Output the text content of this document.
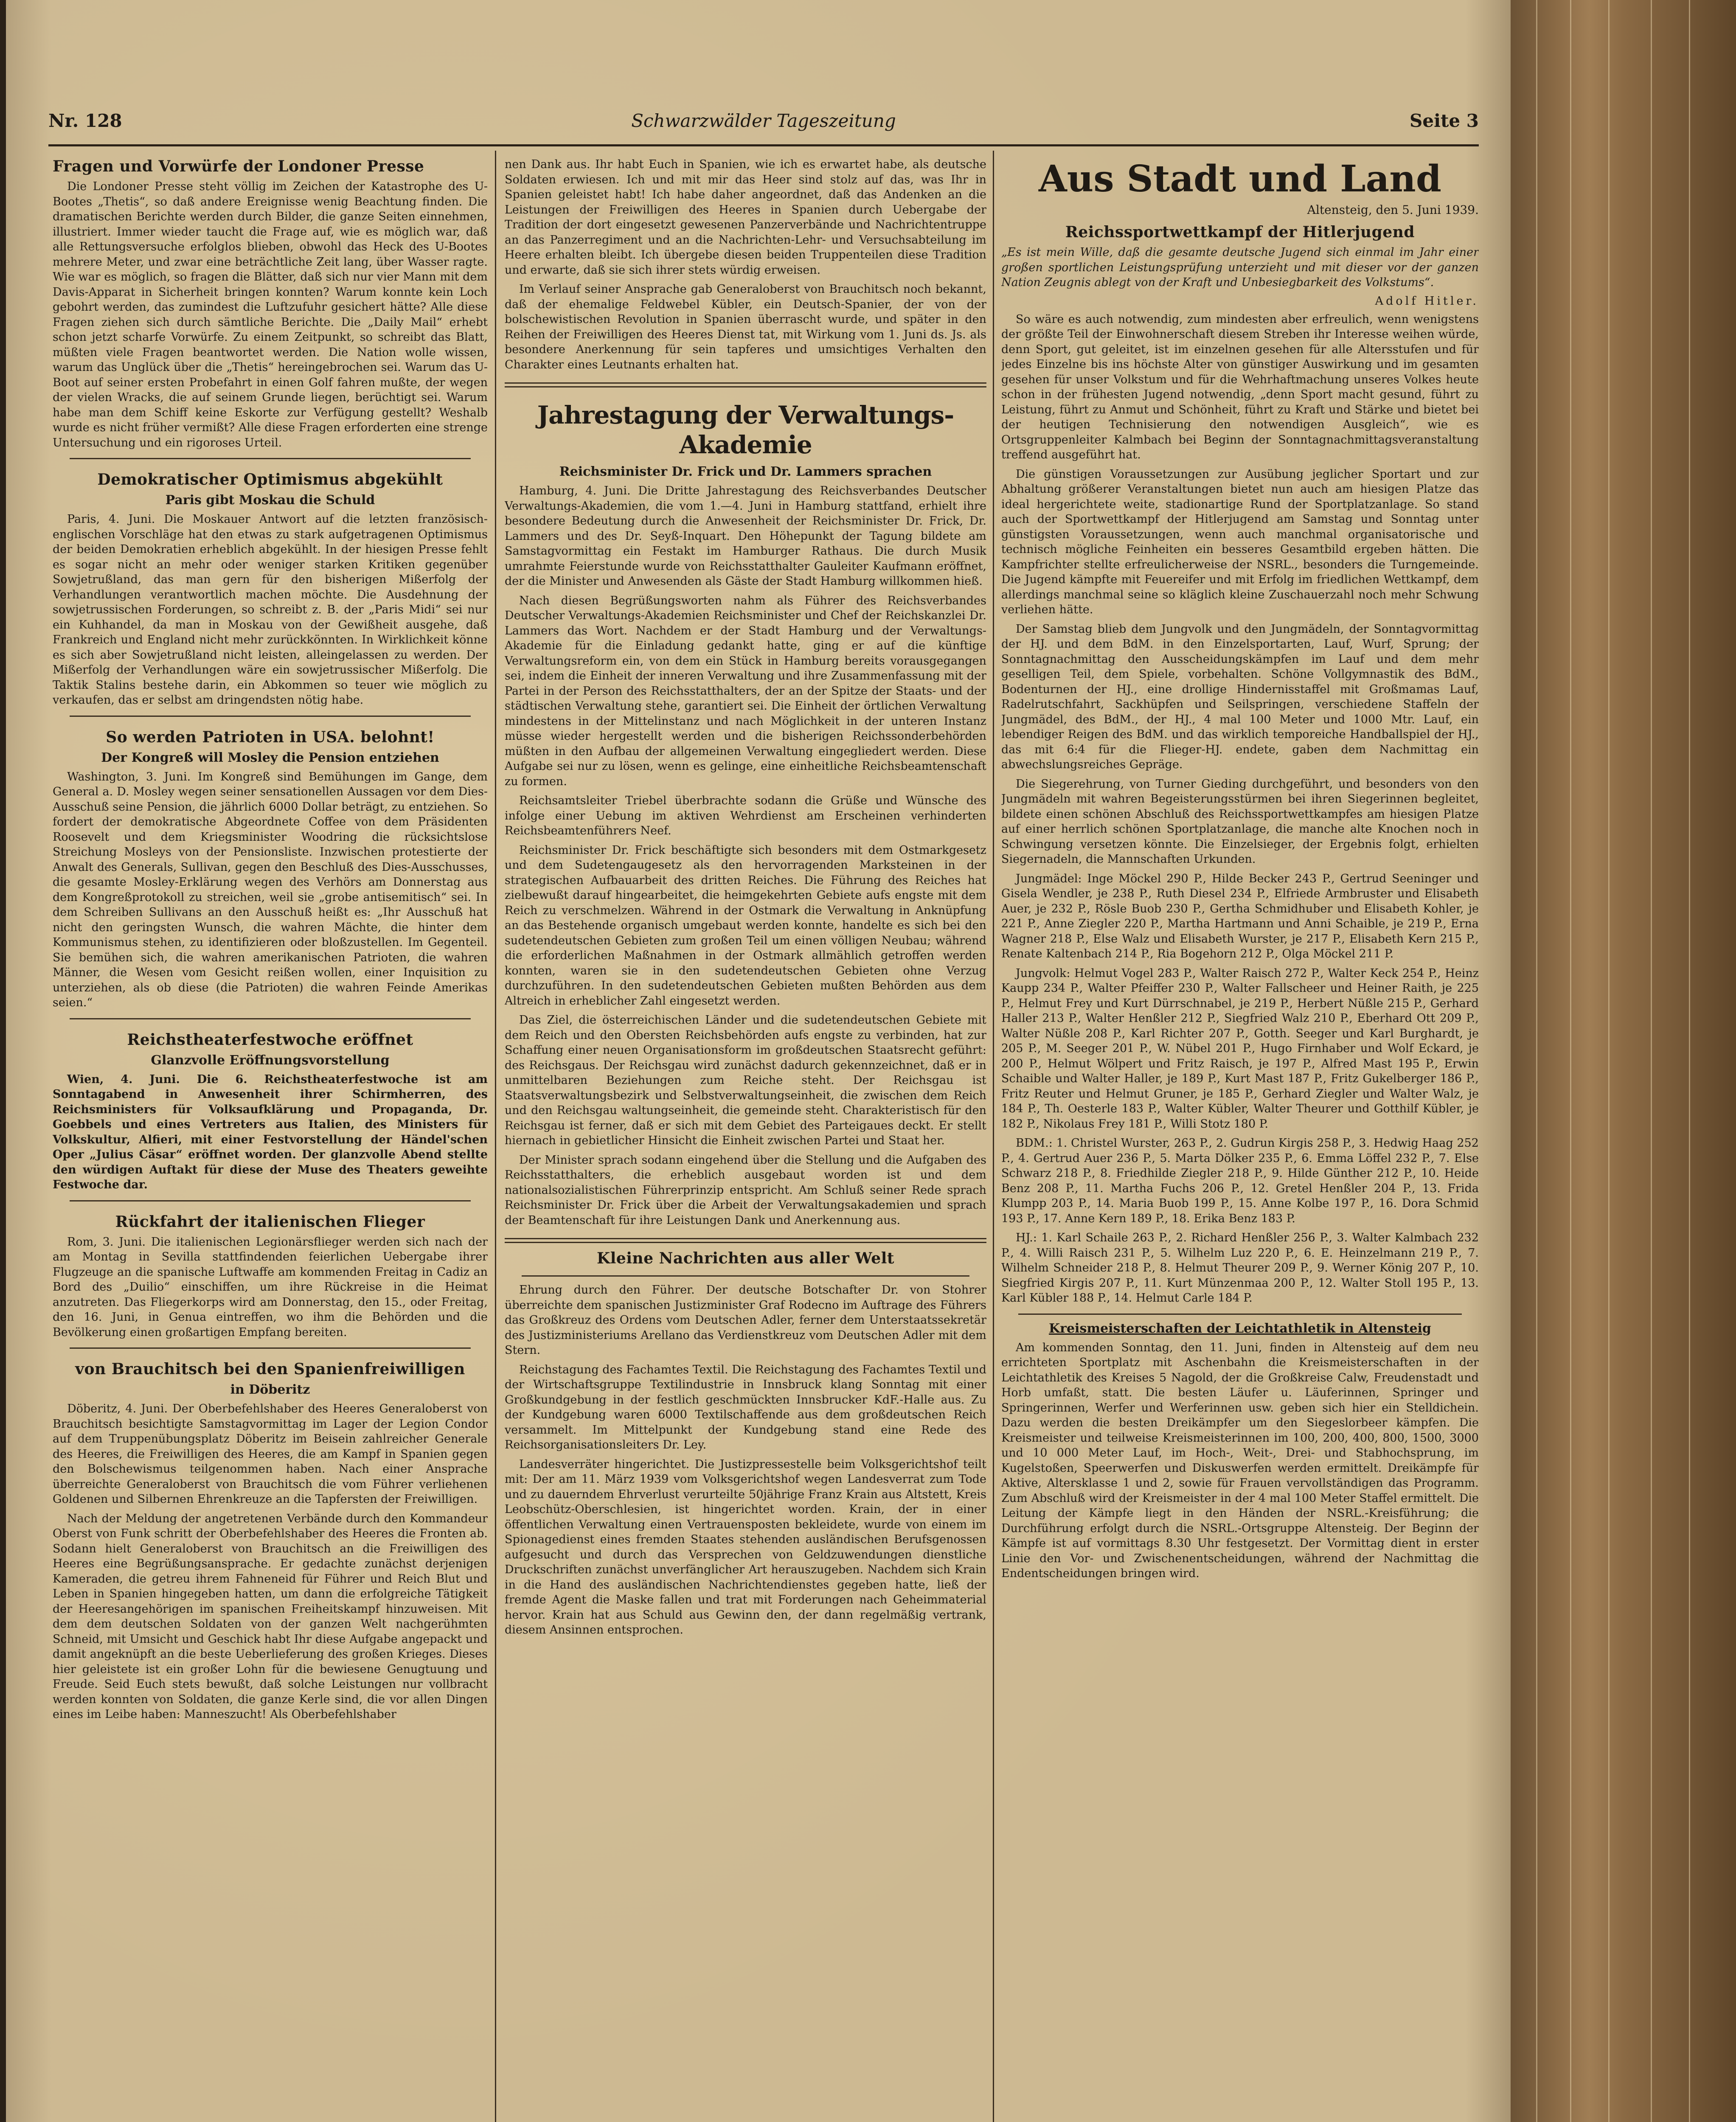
Nr. 128	Schwarzwälder Tageszeitung	Seite 3
Fragen und Vorwürfe der Londoner Presse

Die Londoner Presse steht völlig im Zeichen der Katastrophe des U-Bootes „Thetis“, so daß andere Ereignisse wenig Beachtung finden. Die dramatischen Berichte werden durch Bilder, die ganze Seiten einnehmen, illustriert. Immer wieder taucht die Frage auf, wie es möglich war, daß alle Rettungsversuche erfolglos blieben, obwohl das Heck des U-Bootes mehrere Meter, und zwar eine beträchtliche Zeit lang, über Wasser ragte. Wie war es möglich, so fragen die Blätter, daß sich nur vier Mann mit dem Davis-Apparat in Sicherheit bringen konnten? Warum konnte kein Loch gebohrt werden, das zumindest die Luftzufuhr gesichert hätte? Alle diese Fragen ziehen sich durch sämtliche Berichte. Die „Daily Mail“ erhebt schon jetzt scharfe Vorwürfe. Zu einem Zeitpunkt, so schreibt das Blatt, müßten viele Fragen beantwortet werden. Die Nation wolle wissen, warum das Unglück über die „Thetis“ hereingebrochen sei. Warum das U-Boot auf seiner ersten Probefahrt in einen Golf fahren mußte, der wegen der vielen Wracks, die auf seinem Grunde liegen, berüchtigt sei. Warum habe man dem Schiff keine Eskorte zur Verfügung gestellt? Weshalb wurde es nicht früher vermißt? Alle diese Fragen erforderten eine strenge Untersuchung und ein rigoroses Urteil.

Demokratischer Optimismus abgekühlt
Paris gibt Moskau die Schuld

Paris, 4. Juni. Die Moskauer Antwort auf die letzten französisch-englischen Vorschläge hat den etwas zu stark aufgetragenen Optimismus der beiden Demokratien erheblich abgekühlt. In der hiesigen Presse fehlt es sogar nicht an mehr oder weniger starken Kritiken gegenüber Sowjetrußland, das man gern für den bisherigen Mißerfolg der Verhandlungen verantwortlich machen möchte. Die Ausdehnung der sowjetrussischen Forderungen, so schreibt z. B. der „Paris Midi“ sei nur ein Kuhhandel, da man in Moskau von der Gewißheit ausgehe, daß Frankreich und England nicht mehr zurückkönnten. In Wirklichkeit könne es sich aber Sowjetrußland nicht leisten, alleingelassen zu werden. Der Mißerfolg der Verhandlungen wäre ein sowjetrussischer Mißerfolg. Die Taktik Stalins bestehe darin, ein Abkommen so teuer wie möglich zu verkaufen, das er selbst am dringendsten nötig habe.

So werden Patrioten in USA. belohnt!
Der Kongreß will Mosley die Pension entziehen

Washington, 3. Juni. Im Kongreß sind Bemühungen im Gange, dem General a. D. Mosley wegen seiner sensationellen Aussagen vor dem Dies-Ausschuß seine Pension, die jährlich 6000 Dollar beträgt, zu entziehen. So fordert der demokratische Abgeordnete Coffee von dem Präsidenten Roosevelt und dem Kriegsminister Woodring die rücksichtslose Streichung Mosleys von der Pensionsliste. Inzwischen protestierte der Anwalt des Generals, Sullivan, gegen den Beschluß des Dies-Ausschusses, die gesamte Mosley-Erklärung wegen des Verhörs am Donnerstag aus dem Kongreßprotokoll zu streichen, weil sie „grobe antisemitisch“ sei. In dem Schreiben Sullivans an den Ausschuß heißt es: „Ihr Ausschuß hat nicht den geringsten Wunsch, die wahren Mächte, die hinter dem Kommunismus stehen, zu identifizieren oder bloßzustellen. Im Gegenteil. Sie bemühen sich, die wahren amerikanischen Patrioten, die wahren Männer, die Wesen vom Gesicht reißen wollen, einer Inquisition zu unterziehen, als ob diese (die Patrioten) die wahren Feinde Amerikas seien.“

Reichstheaterfestwoche eröffnet
Glanzvolle Eröffnungsvorstellung

Wien, 4. Juni. Die 6. Reichstheaterfestwoche ist am Sonntagabend in Anwesenheit ihrer Schirmherren, des Reichsministers für Volksaufklärung und Propaganda, Dr. Goebbels und eines Vertreters aus Italien, des Ministers für Volkskultur, Alfieri, mit einer Festvorstellung der Händel'schen Oper „Julius Cäsar“ eröffnet worden. Der glanzvolle Abend stellte den würdigen Auftakt für diese der Muse des Theaters geweihte Festwoche dar.

Rückfahrt der italienischen Flieger

Rom, 3. Juni. Die italienischen Legionärsflieger werden sich nach der am Montag in Sevilla stattfindenden feierlichen Uebergabe ihrer Flugzeuge an die spanische Luftwaffe am kommenden Freitag in Cadiz an Bord des „Duilio“ einschiffen, um ihre Rückreise in die Heimat anzutreten. Das Fliegerkorps wird am Donnerstag, den 15., oder Freitag, den 16. Juni, in Genua eintreffen, wo ihm die Behörden und die Bevölkerung einen großartigen Empfang bereiten.

von Brauchitsch bei den Spanienfreiwilligen
in Döberitz

Döberitz, 4. Juni. Der Oberbefehlshaber des Heeres Generaloberst von Brauchitsch besichtigte Samstagvormittag im Lager der Legion Condor auf dem Truppenübungsplatz Döberitz im Beisein zahlreicher Generale des Heeres, die Freiwilligen des Heeres, die am Kampf in Spanien gegen den Bolschewismus teilgenommen haben. Nach einer Ansprache überreichte Generaloberst von Brauchitsch die vom Führer verliehenen Goldenen und Silbernen Ehrenkreuze an die Tapfersten der Freiwilligen.

Nach der Meldung der angetretenen Verbände durch den Kommandeur Oberst von Funk schritt der Oberbefehlshaber des Heeres die Fronten ab. Sodann hielt Generaloberst von Brauchitsch an die Freiwilligen des Heeres eine Begrüßungsansprache. Er gedachte zunächst derjenigen Kameraden, die getreu ihrem Fahneneid für Führer und Reich Blut und Leben in Spanien hingegeben hatten, um dann die erfolgreiche Tätigkeit der Heeresangehörigen im spanischen Freiheitskampf hinzuweisen. Mit dem dem deutschen Soldaten von der ganzen Welt nachgerühmten Schneid, mit Umsicht und Geschick habt Ihr diese Aufgabe angepackt und damit angeknüpft an die beste Ueberlieferung des großen Krieges. Dieses hier geleistete ist ein großer Lohn für die bewiesene Genugtuung und Freude. Seid Euch stets bewußt, daß solche Leistungen nur vollbracht werden konnten von Soldaten, die ganze Kerle sind, die vor allen Dingen eines im Leibe haben: Manneszucht! Als Oberbefehlshaber

nen Dank aus. Ihr habt Euch in Spanien, wie ich es erwartet habe, als deutsche Soldaten erwiesen. Ich und mit mir das Heer sind stolz auf das, was Ihr in Spanien geleistet habt! Ich habe daher angeordnet, daß das Andenken an die Leistungen der Freiwilligen des Heeres in Spanien durch Uebergabe der Tradition der dort eingesetzt gewesenen Panzerverbände und Nachrichtentruppe an das Panzerregiment und an die Nachrichten-Lehr- und Versuchsabteilung im Heere erhalten bleibt. Ich übergebe diesen beiden Truppenteilen diese Tradition und erwarte, daß sie sich ihrer stets würdig erweisen.

Im Verlauf seiner Ansprache gab Generaloberst von Brauchitsch noch bekannt, daß der ehemalige Feldwebel Kübler, ein Deutsch-Spanier, der von der bolschewistischen Revolution in Spanien überrascht wurde, und später in den Reihen der Freiwilligen des Heeres Dienst tat, mit Wirkung vom 1. Juni ds. Js. als besondere Anerkennung für sein tapferes und umsichtiges Verhalten den Charakter eines Leutnants erhalten hat.

Jahrestagung der Verwaltungs-Akademie
Reichsminister Dr. Frick und Dr. Lammers sprachen

Hamburg, 4. Juni. Die Dritte Jahrestagung des Reichsverbandes Deutscher Verwaltungs-Akademien, die vom 1.—4. Juni in Hamburg stattfand, erhielt ihre besondere Bedeutung durch die Anwesenheit der Reichsminister Dr. Frick, Dr. Lammers und des Dr. Seyß-Inquart. Den Höhepunkt der Tagung bildete am Samstagvormittag ein Festakt im Hamburger Rathaus. Die durch Musik umrahmte Feierstunde wurde von Reichsstatthalter Gauleiter Kaufmann eröffnet, der die Minister und Anwesenden als Gäste der Stadt Hamburg willkommen hieß.

Nach diesen Begrüßungsworten nahm als Führer des Reichsverbandes Deutscher Verwaltungs-Akademien Reichsminister und Chef der Reichskanzlei Dr. Lammers das Wort. Nachdem er der Stadt Hamburg und der Verwaltungs-Akademie für die Einladung gedankt hatte, ging er auf die künftige Verwaltungsreform ein, von dem ein Stück in Hamburg bereits vorausgegangen sei, indem die Einheit der inneren Verwaltung und ihre Zusammenfassung mit der Partei in der Person des Reichsstatthalters, der an der Spitze der Staats- und der städtischen Verwaltung stehe, garantiert sei. Die Einheit der örtlichen Verwaltung mindestens in der Mittelinstanz und nach Möglichkeit in der unteren Instanz müsse wieder hergestellt werden und die bisherigen Reichssonderbehörden müßten in den Aufbau der allgemeinen Verwaltung eingegliedert werden. Diese Aufgabe sei nur zu lösen, wenn es gelinge, eine einheitliche Reichsbeamtenschaft zu formen.

Reichsamtsleiter Triebel überbrachte sodann die Grüße und Wünsche des infolge einer Uebung im aktiven Wehrdienst am Erscheinen verhinderten Reichsbeamtenführers Neef.

Reichsminister Dr. Frick beschäftigte sich besonders mit dem Ostmarkgesetz und dem Sudetengaugesetz als den hervorragenden Marksteinen in der strategischen Aufbauarbeit des dritten Reiches. Die Führung des Reiches hat zielbewußt darauf hingearbeitet, die heimgekehrten Gebiete aufs engste mit dem Reich zu verschmelzen. Während in der Ostmark die Verwaltung in Anknüpfung an das Bestehende organisch umgebaut werden konnte, handelte es sich bei den sudetendeutschen Gebieten zum großen Teil um einen völligen Neubau; während die erforderlichen Maßnahmen in der Ostmark allmählich getroffen werden konnten, waren sie in den sudetendeutschen Gebieten ohne Verzug durchzuführen. In den sudetendeutschen Gebieten mußten Behörden aus dem Altreich in erheblicher Zahl eingesetzt werden.

Das Ziel, die österreichischen Länder und die sudetendeutschen Gebiete mit dem Reich und den Obersten Reichsbehörden aufs engste zu verbinden, hat zur Schaffung einer neuen Organisationsform im großdeutschen Staatsrecht geführt: des Reichsgaus. Der Reichsgau wird zunächst dadurch gekennzeichnet, daß er in unmittelbaren Beziehungen zum Reiche steht. Der Reichsgau ist Staatsverwaltungsbezirk und Selbstverwaltungseinheit, die zwischen dem Reich und den Reichsgau waltungseinheit, die gemeinde steht. Charakteristisch für den Reichsgau ist ferner, daß er sich mit dem Gebiet des Parteigaues deckt. Er stellt hiernach in gebietlicher Hinsicht die Einheit zwischen Partei und Staat her.

Der Minister sprach sodann eingehend über die Stellung und die Aufgaben des Reichsstatthalters, die erheblich ausgebaut worden ist und dem nationalsozialistischen Führerprinzip entspricht. Am Schluß seiner Rede sprach Reichsminister Dr. Frick über die Arbeit der Verwaltungsakademien und sprach der Beamtenschaft für ihre Leistungen Dank und Anerkennung aus.

Kleine Nachrichten aus aller Welt

Ehrung durch den Führer. Der deutsche Botschafter Dr. von Stohrer überreichte dem spanischen Justizminister Graf Rodecno im Auftrage des Führers das Großkreuz des Ordens vom Deutschen Adler, ferner dem Unterstaatssekretär des Justizministeriums Arellano das Verdienstkreuz vom Deutschen Adler mit dem Stern.

Reichstagung des Fachamtes Textil. Die Reichstagung des Fachamtes Textil und der Wirtschaftsgruppe Textilindustrie in Innsbruck klang Sonntag mit einer Großkundgebung in der festlich geschmückten Innsbrucker KdF.-Halle aus. Zu der Kundgebung waren 6000 Textilschaffende aus dem großdeutschen Reich versammelt. Im Mittelpunkt der Kundgebung stand eine Rede des Reichsorganisationsleiters Dr. Ley.

Landesverräter hingerichtet. Die Justizpressestelle beim Volksgerichtshof teilt mit: Der am 11. März 1939 vom Volksgerichtshof wegen Landesverrat zum Tode und zu dauerndem Ehrverlust verurteilte 50jährige Franz Krain aus Altstett, Kreis Leobschütz-Oberschlesien, ist hingerichtet worden. Krain, der in einer öffentlichen Verwaltung einen Vertrauensposten bekleidete, wurde von einem im Spionagedienst eines fremden Staates stehenden ausländischen Berufsgenossen aufgesucht und durch das Versprechen von Geldzuwendungen dienstliche Druckschriften zunächst unverfänglicher Art herauszugeben. Nachdem sich Krain in die Hand des ausländischen Nachrichtendienstes gegeben hatte, ließ der fremde Agent die Maske fallen und trat mit Forderungen nach Geheimmaterial hervor. Krain hat aus Schuld aus Gewinn den, der dann regelmäßig vertrank, diesem Ansinnen entsprochen.

Aus Stadt und Land
Altensteig, den 5. Juni 1939.
Reichssportwettkampf der Hitlerjugend
„Es ist mein Wille, daß die gesamte deutsche Jugend sich einmal im Jahr einer großen sportlichen Leistungsprüfung unterzieht und mit dieser vor der ganzen Nation Zeugnis ablegt von der Kraft und Unbesiegbarkeit des Volkstums“.
Adolf Hitler.

So wäre es auch notwendig, zum mindesten aber erfreulich, wenn wenigstens der größte Teil der Einwohnerschaft diesem Streben ihr Interesse weihen würde, denn Sport, gut geleitet, ist im einzelnen gesehen für alle Altersstufen und für jedes Einzelne bis ins höchste Alter von günstiger Auswirkung und im gesamten gesehen für unser Volkstum und für die Wehrhaftmachung unseres Volkes heute schon in der frühesten Jugend notwendig, „denn Sport macht gesund, führt zu Leistung, führt zu Anmut und Schönheit, führt zu Kraft und Stärke und bietet bei der heutigen Technisierung den notwendigen Ausgleich“, wie es Ortsgruppenleiter Kalmbach bei Beginn der Sonntagnachmittagsveranstaltung treffend ausgeführt hat.

Die günstigen Voraussetzungen zur Ausübung jeglicher Sportart und zur Abhaltung größerer Veranstaltungen bietet nun auch am hiesigen Platze das ideal hergerichtete weite, stadionartige Rund der Sportplatzanlage. So stand auch der Sportwettkampf der Hitlerjugend am Samstag und Sonntag unter günstigsten Voraussetzungen, wenn auch manchmal organisatorische und technisch mögliche Feinheiten ein besseres Gesamtbild ergeben hätten. Die Kampfrichter stellte erfreulicherweise der NSRL., besonders die Turngemeinde. Die Jugend kämpfte mit Feuereifer und mit Erfolg im friedlichen Wettkampf, dem allerdings manchmal seine so kläglich kleine Zuschauerzahl noch mehr Schwung verliehen hätte.

Der Samstag blieb dem Jungvolk und den Jungmädeln, der Sonntagvormittag der HJ. und dem BdM. in den Einzelsportarten, Lauf, Wurf, Sprung; der Sonntagnachmittag den Ausscheidungskämpfen im Lauf und dem mehr geselligen Teil, dem Spiele, vorbehalten. Schöne Vollgymnastik des BdM., Bodenturnen der HJ., eine drollige Hindernisstaffel mit Großmamas Lauf, Radelrutschfahrt, Sackhüpfen und Seilspringen, verschiedene Staffeln der Jungmädel, des BdM., der HJ., 4 mal 100 Meter und 1000 Mtr. Lauf, ein lebendiger Reigen des BdM. und das wirklich temporeiche Handballspiel der HJ., das mit 6:4 für die Flieger-HJ. endete, gaben dem Nachmittag ein abwechslungsreiches Gepräge.

Die Siegerehrung, von Turner Gieding durchgeführt, und besonders von den Jungmädeln mit wahren Begeisterungsstürmen bei ihren Siegerinnen begleitet, bildete einen schönen Abschluß des Reichssportwettkampfes am hiesigen Platze auf einer herrlich schönen Sportplatzanlage, die manche alte Knochen noch in Schwingung versetzen könnte. Die Einzelsieger, der Ergebnis folgt, erhielten Siegernadeln, die Mannschaften Urkunden.

Jungmädel: Inge Möckel 290 P., Hilde Becker 243 P., Gertrud Seeninger und Gisela Wendler, je 238 P., Ruth Diesel 234 P., Elfriede Armbruster und Elisabeth Auer, je 232 P., Rösle Buob 230 P., Gertha Schmidhuber und Elisabeth Kohler, je 221 P., Anne Ziegler 220 P., Martha Hartmann und Anni Schaible, je 219 P., Erna Wagner 218 P., Else Walz und Elisabeth Wurster, je 217 P., Elisabeth Kern 215 P., Renate Kaltenbach 214 P., Ria Bogehorn 212 P., Olga Möckel 211 P.

Jungvolk: Helmut Vogel 283 P., Walter Raisch 272 P., Walter Keck 254 P., Heinz Kaupp 234 P., Walter Pfeiffer 230 P., Walter Fallscheer und Heiner Raith, je 225 P., Helmut Frey und Kurt Dürrschnabel, je 219 P., Herbert Nüßle 215 P., Gerhard Haller 213 P., Walter Henßler 212 P., Siegfried Walz 210 P., Eberhard Ott 209 P., Walter Nüßle 208 P., Karl Richter 207 P., Gotth. Seeger und Karl Burghardt, je 205 P., M. Seeger 201 P., W. Nübel 201 P., Hugo Firnhaber und Wolf Eckard, je 200 P., Helmut Wölpert und Fritz Raisch, je 197 P., Alfred Mast 195 P., Erwin Schaible und Walter Haller, je 189 P., Kurt Mast 187 P., Fritz Gukelberger 186 P., Fritz Reuter und Helmut Gruner, je 185 P., Gerhard Ziegler und Walter Walz, je 184 P., Th. Oesterle 183 P., Walter Kübler, Walter Theurer und Gotthilf Kübler, je 182 P., Nikolaus Frey 181 P., Willi Stotz 180 P.

BDM.: 1. Christel Wurster, 263 P., 2. Gudrun Kirgis 258 P., 3. Hedwig Haag 252 P., 4. Gertrud Auer 236 P., 5. Marta Dölker 235 P., 6. Emma Löffel 232 P., 7. Else Schwarz 218 P., 8. Friedhilde Ziegler 218 P., 9. Hilde Günther 212 P., 10. Heide Benz 208 P., 11. Martha Fuchs 206 P., 12. Gretel Henßler 204 P., 13. Frida Klumpp 203 P., 14. Maria Buob 199 P., 15. Anne Kolbe 197 P., 16. Dora Schmid 193 P., 17. Anne Kern 189 P., 18. Erika Benz 183 P.

HJ.: 1. Karl Schaile 263 P., 2. Richard Henßler 256 P., 3. Walter Kalmbach 232 P., 4. Willi Raisch 231 P., 5. Wilhelm Luz 220 P., 6. E. Heinzelmann 219 P., 7. Wilhelm Schneider 218 P., 8. Helmut Theurer 209 P., 9. Werner König 207 P., 10. Siegfried Kirgis 207 P., 11. Kurt Münzenmaa 200 P., 12. Walter Stoll 195 P., 13. Karl Kübler 188 P., 14. Helmut Carle 184 P.

Kreismeisterschaften der Leichtathletik in Altensteig

Am kommenden Sonntag, den 11. Juni, finden in Altensteig auf dem neu errichteten Sportplatz mit Aschenbahn die Kreismeisterschaften in der Leichtathletik des Kreises 5 Nagold, der die Großkreise Calw, Freudenstadt und Horb umfaßt, statt. Die besten Läufer u. Läuferinnen, Springer und Springerinnen, Werfer und Werferinnen usw. geben sich hier ein Stelldichein. Dazu werden die besten Dreikämpfer um den Siegeslorbeer kämpfen. Die Kreismeister und teilweise Kreismeisterinnen im 100, 200, 400, 800, 1500, 3000 und 10 000 Meter Lauf, im Hoch-, Weit-, Drei- und Stabhochsprung, im Kugelstoßen, Speerwerfen und Diskuswerfen werden ermittelt. Dreikämpfe für Aktive, Altersklasse 1 und 2, sowie für Frauen vervollständigen das Programm. Zum Abschluß wird der Kreismeister in der 4 mal 100 Meter Staffel ermittelt. Die Leitung der Kämpfe liegt in den Händen der NSRL.-Kreisführung; die Durchführung erfolgt durch die NSRL.-Ortsgruppe Altensteig. Der Beginn der Kämpfe ist auf vormittags 8.30 Uhr festgesetzt. Der Vormittag dient in erster Linie den Vor- und Zwischenentscheidungen, während der Nachmittag die Endentscheidungen bringen wird.
